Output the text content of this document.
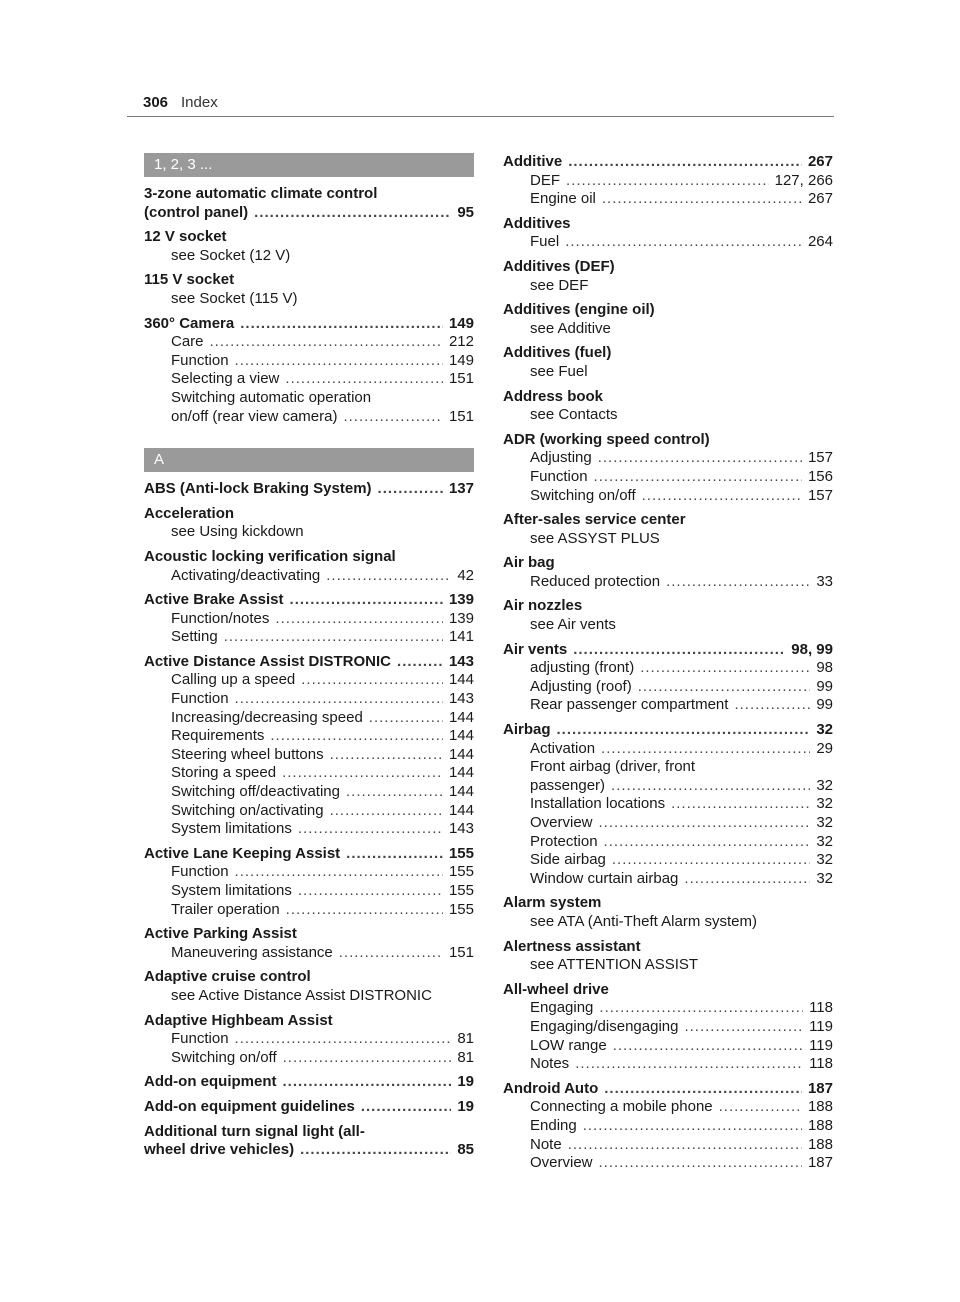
306 Index
1, 2, 3 ...
3-zone automatic climate control
(control panel) .....	95
12 V socket
see Socket (12 V)
115 V socket
see Socket (115 V)
360° Camera .....	149
Care .....	212
Function .....	149
Selecting a view .....	151
Switching automatic operation
on/off (rear view camera) .....	151
A
ABS (Anti-lock Braking System) .....	137
Acceleration
see Using kickdown
Acoustic locking verification signal
Activating/deactivating .....	42
Active Brake Assist .....	139
Function/notes .....	139
Setting .....	141
Active Distance Assist DISTRONIC .....	143
Calling up a speed .....	144
Function .....	143
Increasing/decreasing speed .....	144
Requirements .....	144
Steering wheel buttons .....	144
Storing a speed .....	144
Switching off/deactivating .....	144
Switching on/activating .....	144
System limitations .....	143
Active Lane Keeping Assist .....	155
Function .....	155
System limitations .....	155
Trailer operation .....	155
Active Parking Assist
Maneuvering assistance .....	151
Adaptive cruise control
see Active Distance Assist DISTRONIC
Adaptive Highbeam Assist
Function .....	81
Switching on/off .....	81
Add-on equipment .....	19
Add-on equipment guidelines .....	19
Additional turn signal light (all-
wheel drive vehicles) .....	85
Additive .....	267
DEF .....	127, 266
Engine oil .....	267
Additives
Fuel .....	264
Additives (DEF)
see DEF
Additives (engine oil)
see Additive
Additives (fuel)
see Fuel
Address book
see Contacts
ADR (working speed control)
Adjusting .....	157
Function .....	156
Switching on/off .....	157
After-sales service center
see ASSYST PLUS
Air bag
Reduced protection .....	33
Air nozzles
see Air vents
Air vents .....	98, 99
adjusting (front) .....	98
Adjusting (roof) .....	99
Rear passenger compartment .....	99
Airbag .....	32
Activation .....	29
Front airbag (driver, front
passenger) .....	32
Installation locations .....	32
Overview .....	32
Protection .....	32
Side airbag .....	32
Window curtain airbag .....	32
Alarm system
see ATA (Anti-Theft Alarm system)
Alertness assistant
see ATTENTION ASSIST
All-wheel drive
Engaging .....	118
Engaging/disengaging .....	119
LOW range .....	119
Notes .....	118
Android Auto .....	187
Connecting a mobile phone .....	188
Ending .....	188
Note .....	188
Overview .....	187
